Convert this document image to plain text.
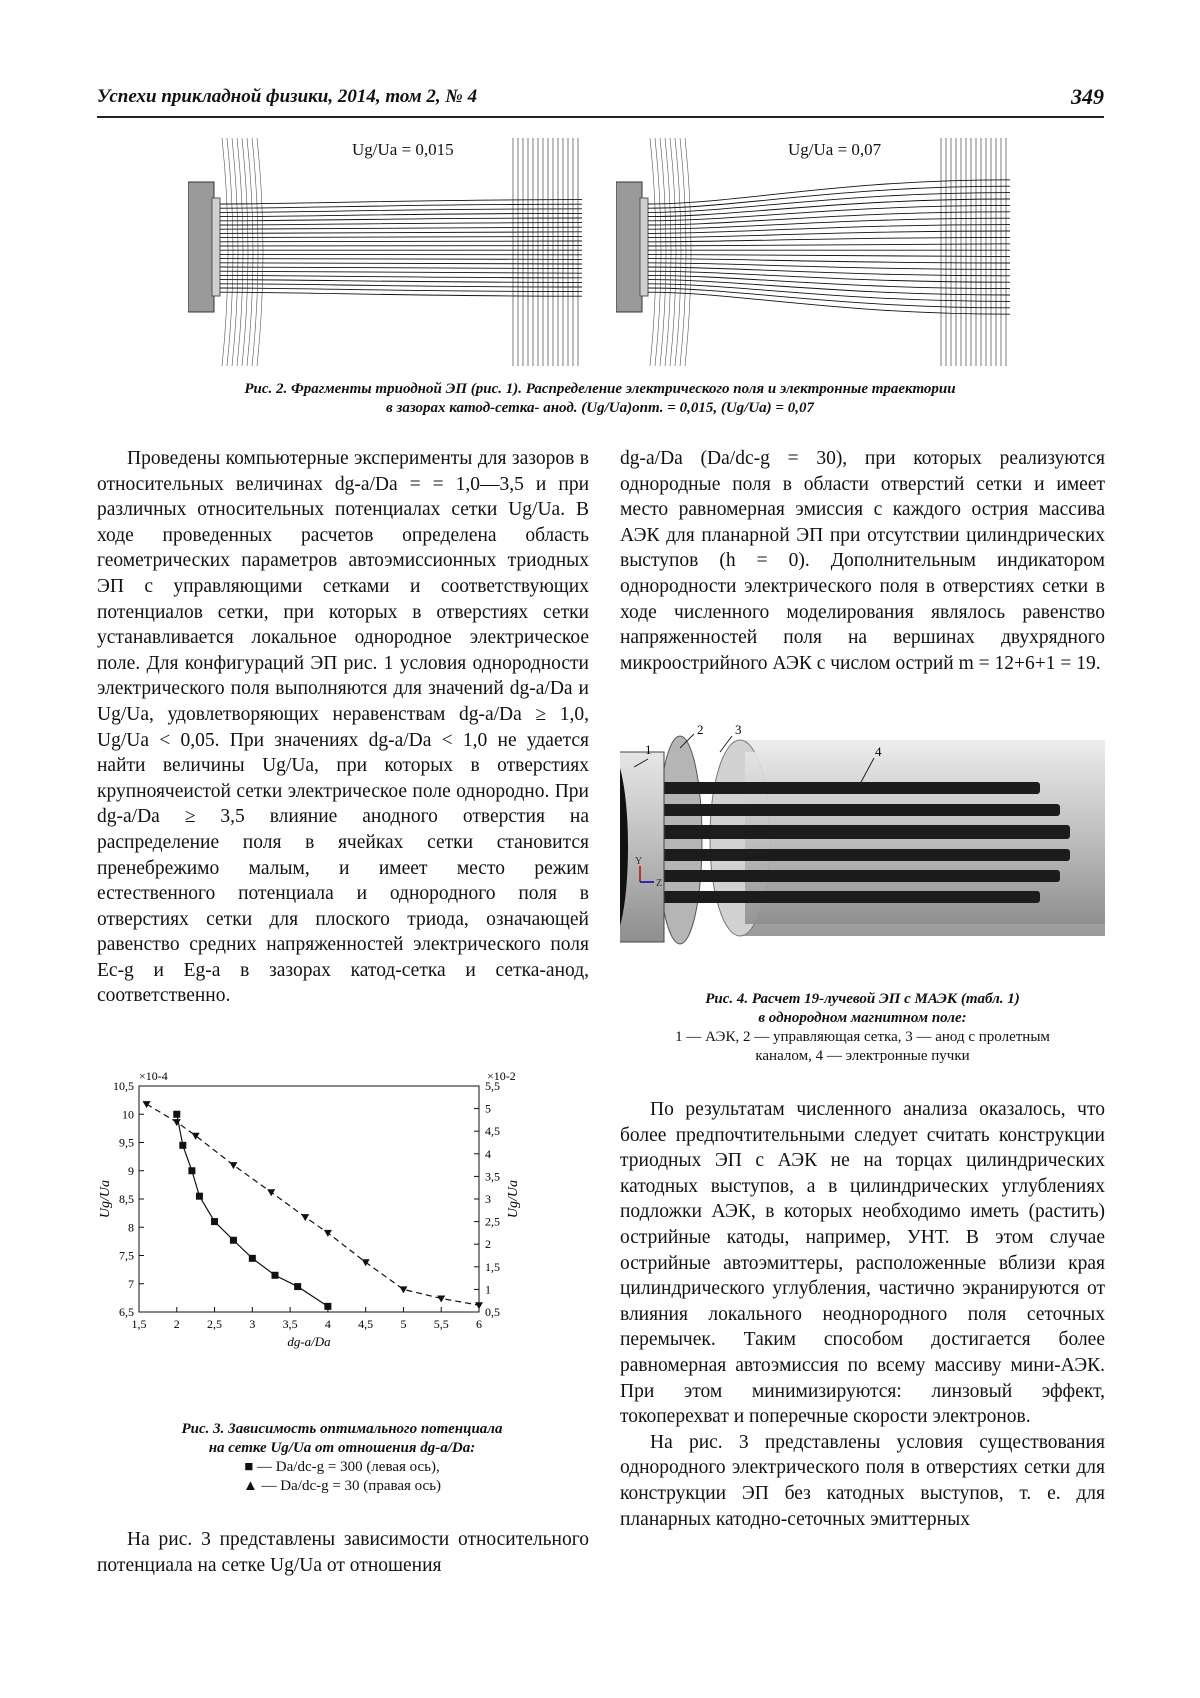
Успехи прикладной физики, 2014, том 2, № 4	349
Ug/Ua = 0,015	Ug/Ua = 0,07
Рис. 2. Фрагменты триодной ЭП (рис. 1). Распределение электрического поля и электронные траектории
в зазорах катод-сетка- анод. (Ug/Ua)опт. = 0,015, (Ug/Ua) = 0,07

Проведены компьютерные эксперименты для зазоров в относительных величинах dg-a/Da = = 1,0—3,5 и при различных относительных потенциалах сетки Ug/Ua. В ходе проведенных расчетов определена область геометрических параметров автоэмиссионных триодных ЭП с управляющими сетками и соответствующих потенциалов сетки, при которых в отверстиях сетки устанавливается локальное однородное электрическое поле. Для конфигураций ЭП рис. 1 условия однородности электрического поля выполняются для значений dg-a/Da и Ug/Ua, удовлетворяющих неравенствам dg-a/Da ≥ 1,0, Ug/Ua < 0,05. При значениях dg-a/Da < 1,0 не удается найти величины Ug/Ua, при которых в отверстиях крупноячеистой сетки электрическое поле однородно. При dg-a/Da ≥ 3,5 влияние анодного отверстия на распределение поля в ячейках сетки становится пренебрежимо малым, и имеет место режим естественного потенциала и однородного поля в отверстиях сетки для плоского триода, означающей равенство средних напряженностей электрического поля Ec-g и Eg-a в зазорах катод-сетка и сетка-анод, соответственно.

1,5 2 2,5 3 3,5 4 4,5 5 5,5 6
6,5
7
7,5
8
8,5
9
9,5
10
10,5
0,5
1
1,5
2
2,5
3
3,5
4
4,5
5
5,5
×10-4	×10-2
dg-a/Da
Ug/Ua	Ug/Ua
Рис. 3. Зависимость оптимального потенциала
на сетке Ug/Ua от отношения dg-a/Da:
■ — Da/dc-g = 300 (левая ось),
▲ — Da/dc-g = 30 (правая ось)

На рис. 3 представлены зависимости относительного потенциала на сетке Ug/Ua от отношения

dg-a/Da (Da/dc-g = 30), при которых реализуются однородные поля в области отверстий сетки и имеет место равномерная эмиссия с каждого острия массива АЭК для планарной ЭП при отсутствии цилиндрических выступов (h = 0). Дополнительным индикатором однородности электрического поля в отверстиях сетки в ходе численного моделирования являлось равенство напряженностей поля на вершинах двухрядного микроострийного АЭК с числом острий m = 12+6+1 = 19.

Y
Z
1
2 3
4
Рис. 4. Расчет 19-лучевой ЭП с МАЭК (табл. 1)
в однородном магнитном поле:
1 — АЭК, 2 — управляющая сетка, 3 — анод с пролетным
каналом, 4 — электронные пучки

По результатам численного анализа оказалось, что более предпочтительными следует считать конструкции триодных ЭП с АЭК не на торцах цилиндрических катодных выступов, а в цилиндрических углублениях подложки АЭК, в которых необходимо иметь (растить) острийные катоды, например, УНТ. В этом случае острийные автоэмиттеры, расположенные вблизи края цилиндрического углубления, частично экранируются от влияния локального неоднородного поля сеточных перемычек. Таким способом достигается более равномерная автоэмиссия по всему массиву мини-АЭК. При этом минимизируются: линзовый эффект, токоперехват и поперечные скорости электронов.

На рис. 3 представлены условия существования однородного электрического поля в отверстиях сетки для конструкции ЭП без катодных выступов, т. е. для планарных катодно-сеточных эмиттерных
